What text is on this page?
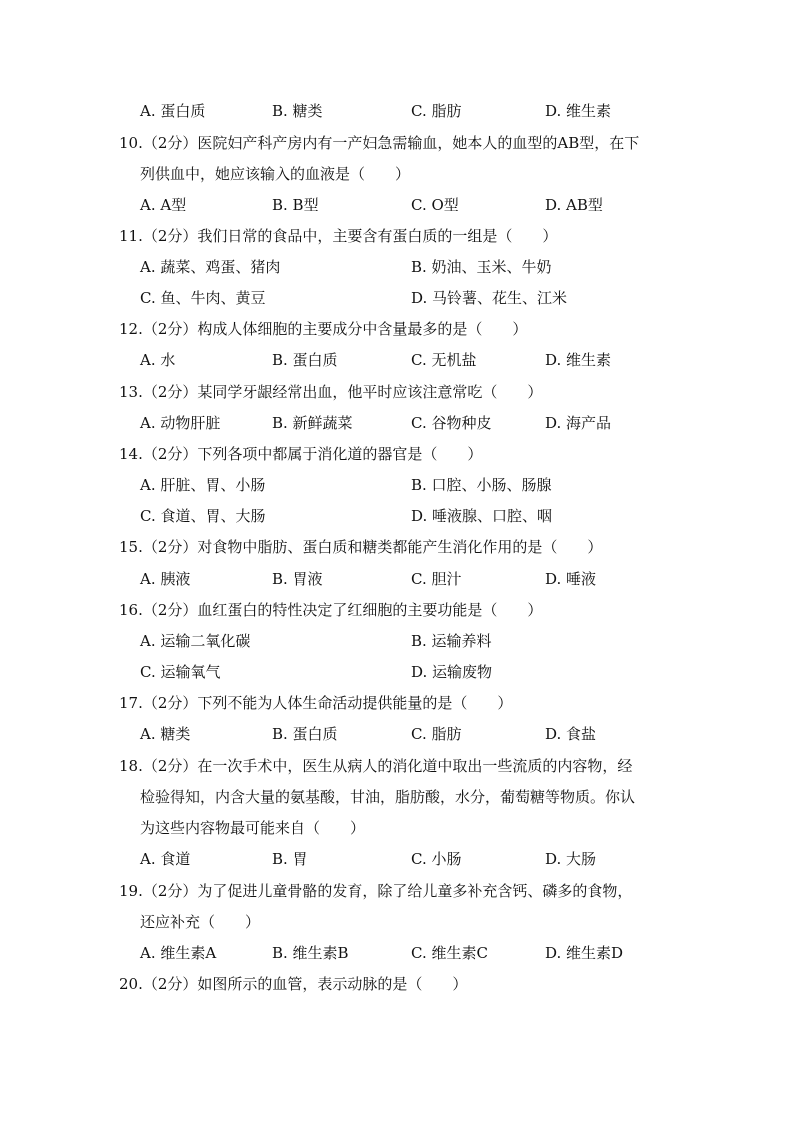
A. 蛋白质	B. 糖类	C. 脂肪	D. 维生素
10.（2分）医院妇产科产房内有一产妇急需输血，她本人的血型的AB型，在下
列供血中，她应该输入的血液是（　　）
A. A型	B. B型	C. O型	D. AB型
11.（2分）我们日常的食品中，主要含有蛋白质的一组是（　　）
A. 蔬菜、鸡蛋、猪肉	B. 奶油、玉米、牛奶
C. 鱼、牛肉、黄豆	D. 马铃薯、花生、江米
12.（2分）构成人体细胞的主要成分中含量最多的是（　　）
A. 水	B. 蛋白质	C. 无机盐	D. 维生素
13.（2分）某同学牙龈经常出血，他平时应该注意常吃（　　）
A. 动物肝脏	B. 新鲜蔬菜	C. 谷物种皮	D. 海产品
14.（2分）下列各项中都属于消化道的器官是（　　）
A. 肝脏、胃、小肠	B. 口腔、小肠、肠腺
C. 食道、胃、大肠	D. 唾液腺、口腔、咽
15.（2分）对食物中脂肪、蛋白质和糖类都能产生消化作用的是（　　）
A. 胰液	B. 胃液	C. 胆汁	D. 唾液
16.（2分）血红蛋白的特性决定了红细胞的主要功能是（　　）
A. 运输二氧化碳	B. 运输养料
C. 运输氧气	D. 运输废物
17.（2分）下列不能为人体生命活动提供能量的是（　　）
A. 糖类	B. 蛋白质	C. 脂肪	D. 食盐
18.（2分）在一次手术中，医生从病人的消化道中取出一些流质的内容物，经
检验得知，内含大量的氨基酸，甘油，脂肪酸，水分，葡萄糖等物质。你认
为这些内容物最可能来自（　　）
A. 食道	B. 胃	C. 小肠	D. 大肠
19.（2分）为了促进儿童骨骼的发育，除了给儿童多补充含钙、磷多的食物，
还应补充（　　）
A. 维生素A	B. 维生素B	C. 维生素C	D. 维生素D
20.（2分）如图所示的血管，表示动脉的是（　　）
